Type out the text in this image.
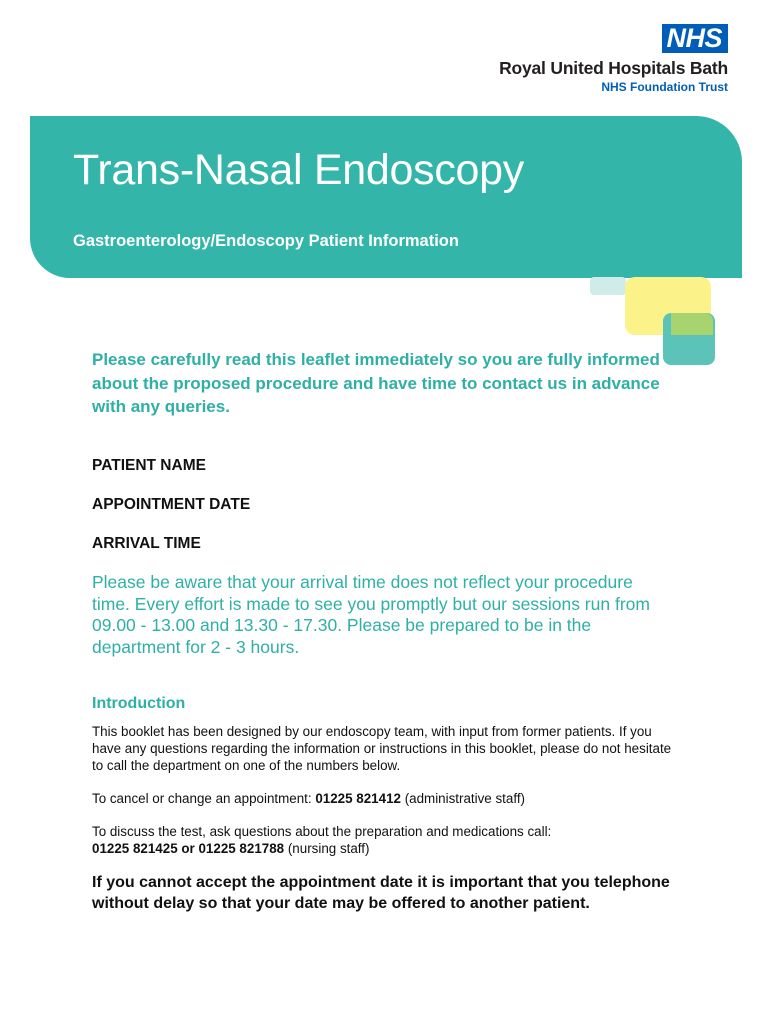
NHS
Royal United Hospitals Bath
NHS Foundation Trust
Trans-Nasal Endoscopy
Gastroenterology/Endoscopy Patient Information

Please carefully read this leaflet immediately so you are fully informed about the proposed procedure and have time to contact us in advance with any queries.

PATIENT NAME

APPOINTMENT DATE

ARRIVAL TIME

Please be aware that your arrival time does not reflect your procedure time. Every effort is made to see you promptly but our sessions run from 09.00 - 13.00 and 13.30 - 17.30. Please be prepared to be in the department for 2 - 3 hours.

Introduction

This booklet has been designed by our endoscopy team, with input from former patients. If you have any questions regarding the information or instructions in this booklet, please do not hesitate to call the department on one of the numbers below.

To cancel or change an appointment: 01225 821412 (administrative staff)

To discuss the test, ask questions about the preparation and medications call:
01225 821425 or 01225 821788 (nursing staff)

If you cannot accept the appointment date it is important that you telephone without delay so that your date may be offered to another patient.
